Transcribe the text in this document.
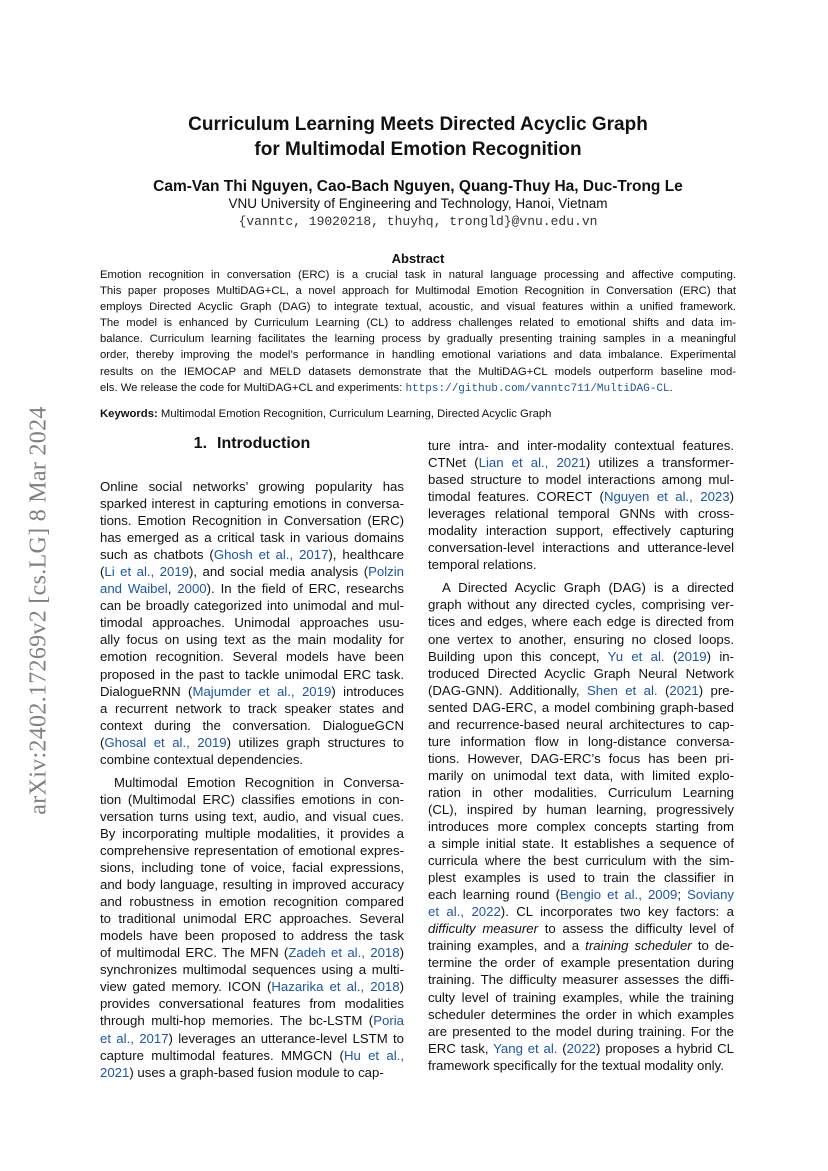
arXiv:2402.17269v2 [cs.LG] 8 Mar 2024
Curriculum Learning Meets Directed Acyclic Graph
for Multimodal Emotion Recognition
Cam-Van Thi Nguyen, Cao-Bach Nguyen, Quang-Thuy Ha, Duc-Trong Le
VNU University of Engineering and Technology, Hanoi, Vietnam
{vanntc, 19020218, thuyhq, trongld}@vnu.edu.vn
Abstract
Emotion recognition in conversation (ERC) is a crucial task in natural language processing and affective computing.
This paper proposes MultiDAG+CL, a novel approach for Multimodal Emotion Recognition in Conversation (ERC) that
employs Directed Acyclic Graph (DAG) to integrate textual, acoustic, and visual features within a unified framework.
The model is enhanced by Curriculum Learning (CL) to address challenges related to emotional shifts and data im-
balance. Curriculum learning facilitates the learning process by gradually presenting training samples in a meaningful
order, thereby improving the model’s performance in handling emotional variations and data imbalance. Experimental
results on the IEMOCAP and MELD datasets demonstrate that the MultiDAG+CL models outperform baseline mod-
els. We release the code for MultiDAG+CL and experiments: https://github.com/vanntc711/MultiDAG-CL.
Keywords: Multimodal Emotion Recognition, Curriculum Learning, Directed Acyclic Graph
1. Introduction
Online social networks’ growing popularity has
sparked interest in capturing emotions in conversa-
tions. Emotion Recognition in Conversation (ERC)
has emerged as a critical task in various domains
such as chatbots (Ghosh et al., 2017), healthcare
(Li et al., 2019), and social media analysis (Polzin
and Waibel, 2000). In the field of ERC, researchs
can be broadly categorized into unimodal and mul-
timodal approaches. Unimodal approaches usu-
ally focus on using text as the main modality for
emotion recognition. Several models have been
proposed in the past to tackle unimodal ERC task.
DialogueRNN (Majumder et al., 2019) introduces
a recurrent network to track speaker states and
context during the conversation. DialogueGCN
(Ghosal et al., 2019) utilizes graph structures to
combine contextual dependencies.
Multimodal Emotion Recognition in Conversa-
tion (Multimodal ERC) classifies emotions in con-
versation turns using text, audio, and visual cues.
By incorporating multiple modalities, it provides a
comprehensive representation of emotional expres-
sions, including tone of voice, facial expressions,
and body language, resulting in improved accuracy
and robustness in emotion recognition compared
to traditional unimodal ERC approaches. Several
models have been proposed to address the task
of multimodal ERC. The MFN (Zadeh et al., 2018)
synchronizes multimodal sequences using a multi-
view gated memory. ICON (Hazarika et al., 2018)
provides conversational features from modalities
through multi-hop memories. The bc-LSTM (Poria
et al., 2017) leverages an utterance-level LSTM to
capture multimodal features. MMGCN (Hu et al.,
2021) uses a graph-based fusion module to cap-
ture intra- and inter-modality contextual features.
CTNet (Lian et al., 2021) utilizes a transformer-
based structure to model interactions among mul-
timodal features. CORECT (Nguyen et al., 2023)
leverages relational temporal GNNs with cross-
modality interaction support, effectively capturing
conversation-level interactions and utterance-level
temporal relations.
A Directed Acyclic Graph (DAG) is a directed
graph without any directed cycles, comprising ver-
tices and edges, where each edge is directed from
one vertex to another, ensuring no closed loops.
Building upon this concept, Yu et al. (2019) in-
troduced Directed Acyclic Graph Neural Network
(DAG-GNN). Additionally, Shen et al. (2021) pre-
sented DAG-ERC, a model combining graph-based
and recurrence-based neural architectures to cap-
ture information flow in long-distance conversa-
tions. However, DAG-ERC’s focus has been pri-
marily on unimodal text data, with limited explo-
ration in other modalities. Curriculum Learning
(CL), inspired by human learning, progressively
introduces more complex concepts starting from
a simple initial state. It establishes a sequence of
curricula where the best curriculum with the sim-
plest examples is used to train the classifier in
each learning round (Bengio et al., 2009; Soviany
et al., 2022). CL incorporates two key factors: a
difficulty measurer to assess the difficulty level of
training examples, and a training scheduler to de-
termine the order of example presentation during
training. The difficulty measurer assesses the diffi-
culty level of training examples, while the training
scheduler determines the order in which examples
are presented to the model during training. For the
ERC task, Yang et al. (2022) proposes a hybrid CL
framework specifically for the textual modality only.
